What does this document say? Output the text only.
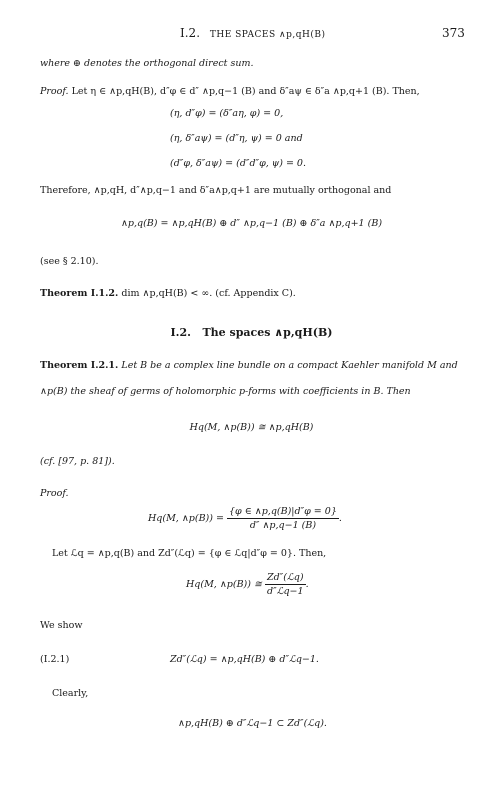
I.2. THE SPACES ∧p,qH(B)	373
where ⊕ denotes the orthogonal direct sum.
Proof. Let η ∈ ∧p,qH(B), d″φ ∈ d″ ∧p,q−1 (B) and δ″aψ ∈ δ″a ∧p,q+1 (B). Then,
(η, d″φ) = (δ″aη, φ) = 0,
(η, δ″aψ) = (d″η, ψ) = 0 and
(d″φ, δ″aψ) = (d″d″φ, ψ) = 0.
Therefore, ∧p,qH, d″∧p,q−1 and δ″a∧p,q+1 are mutually orthogonal and
∧p,q(B) = ∧p,qH(B) ⊕ d″ ∧p,q−1 (B) ⊕ δ″a ∧p,q+1 (B)
(see § 2.10).
Theorem I.1.2. dim ∧p,qH(B) < ∞. (cf. Appendix C).
I.2. The spaces ∧p,qH(B)
Theorem I.2.1. Let B be a complex line bundle on a compact Kaehler manifold M and
∧p(B) the sheaf of germs of holomorphic p-forms with coefficients in B. Then
Hq(M, ∧p(B)) ≅ ∧p,qH(B)
(cf. [97, p. 81]).
Proof.
Hq(M, ∧p(B)) = $\frac{\{\varphi \in \wedge p,q(B)|d''\varphi = 0\}}{d'' \wedge p,q-1 (B)}$ .
Let ℒq = ∧p,q(B) and Zd″(ℒq) = {φ ∈ ℒq|d″φ = 0}. Then,
Hq(M, ∧p(B)) ≅ $\frac{\text{Zd″(ℒq)}}{\text{d″ℒq−1}}$ .
We show
(I.2.1)	Zd″(ℒq) = ∧p,qH(B) ⊕ d″ℒq−1.
Clearly,
∧p,qH(B) ⊕ d″ℒq−1 ⊂ Zd″(ℒq).
